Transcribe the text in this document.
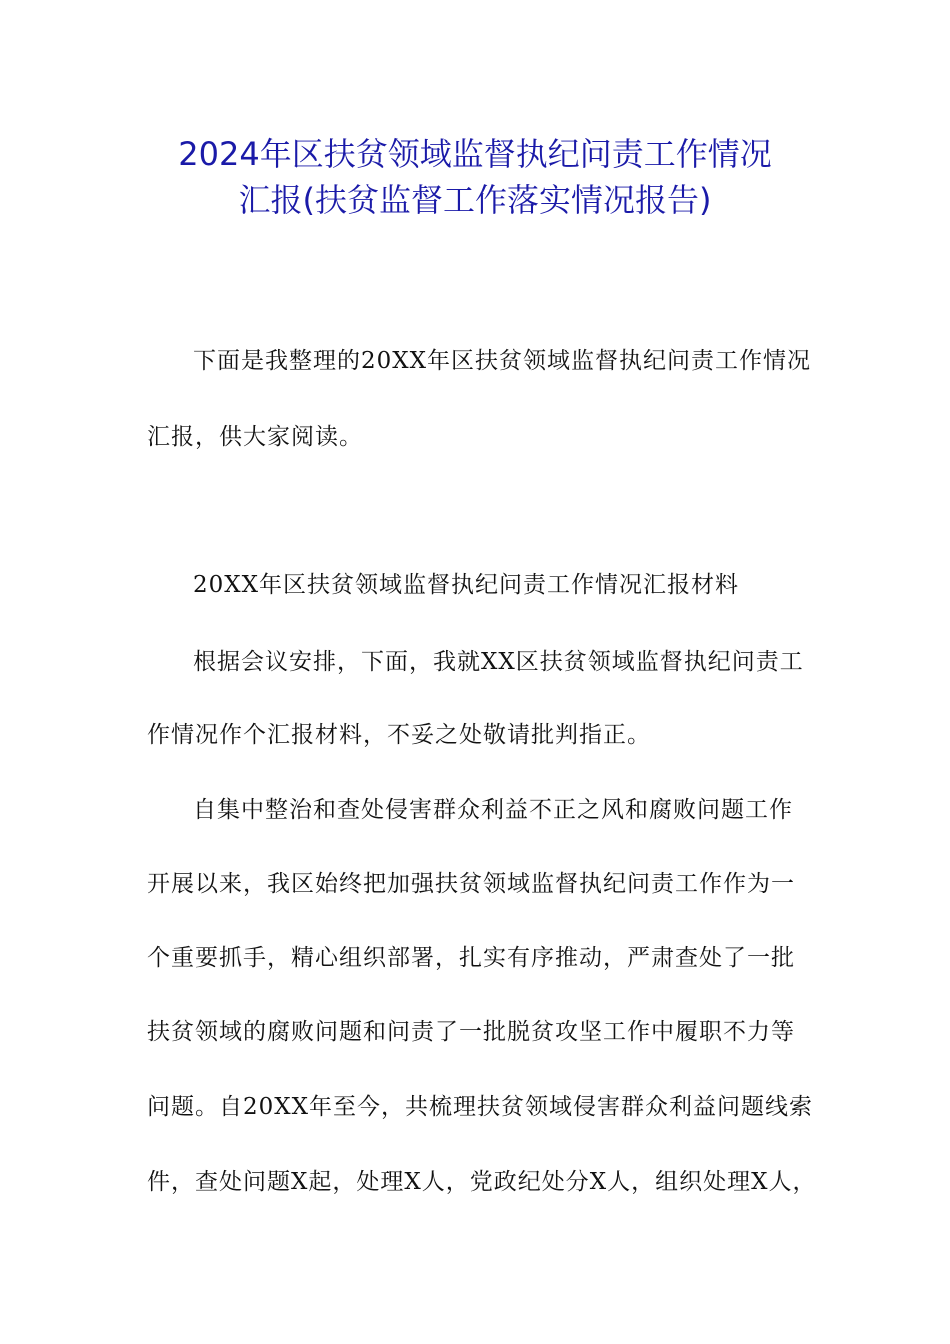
2024年区扶贫领域监督执纪问责工作情况
汇报(扶贫监督工作落实情况报告)
下面是我整理的20XX年区扶贫领域监督执纪问责工作情况
汇报，供大家阅读。
20XX年区扶贫领域监督执纪问责工作情况汇报材料
根据会议安排，下面，我就XX区扶贫领域监督执纪问责工
作情况作个汇报材料，不妥之处敬请批判指正。
自集中整治和查处侵害群众利益不正之风和腐败问题工作
开展以来，我区始终把加强扶贫领域监督执纪问责工作作为一
个重要抓手，精心组织部署，扎实有序推动，严肃查处了一批
扶贫领域的腐败问题和问责了一批脱贫攻坚工作中履职不力等
问题。自20XX年至今，共梳理扶贫领域侵害群众利益问题线索
件，查处问题X起，处理X人，党政纪处分X人，组织处理X人，
